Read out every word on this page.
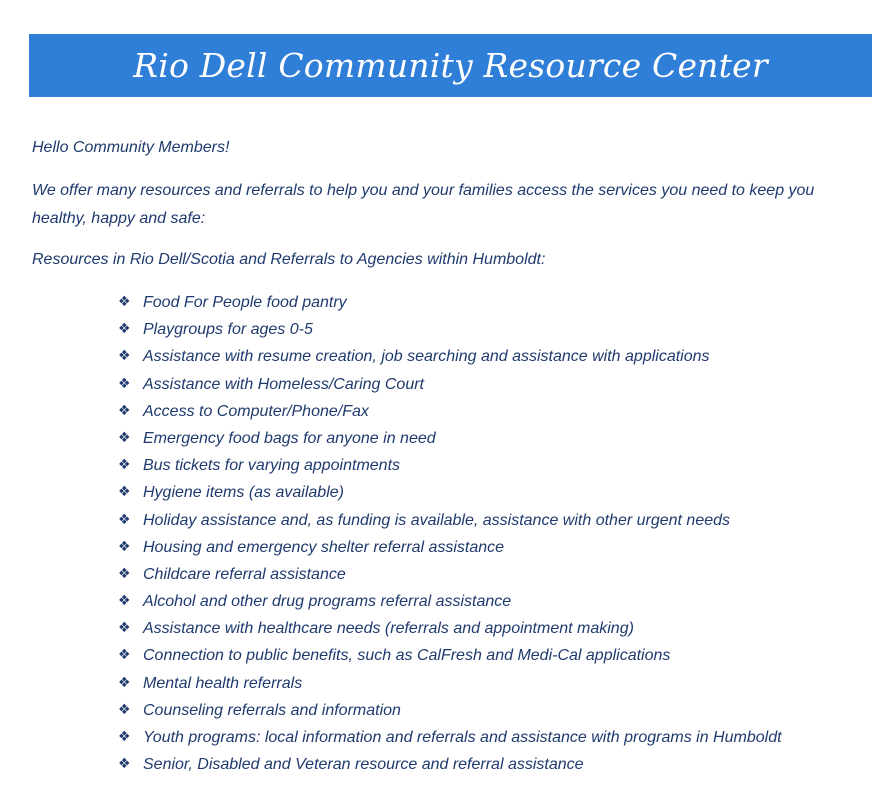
Rio Dell Community Resource Center

Hello Community Members!

We offer many resources and referrals to help you and your families access the services you need to keep you healthy, happy and safe:

Resources in Rio Dell/Scotia and Referrals to Agencies within Humboldt:

❖ Food For People food pantry
❖ Playgroups for ages 0-5
❖ Assistance with resume creation, job searching and assistance with applications
❖ Assistance with Homeless/Caring Court
❖ Access to Computer/Phone/Fax
❖ Emergency food bags for anyone in need
❖ Bus tickets for varying appointments
❖ Hygiene items (as available)
❖ Holiday assistance and, as funding is available, assistance with other urgent needs
❖ Housing and emergency shelter referral assistance
❖ Childcare referral assistance
❖ Alcohol and other drug programs referral assistance
❖ Assistance with healthcare needs (referrals and appointment making)
❖ Connection to public benefits, such as CalFresh and Medi-Cal applications
❖ Mental health referrals
❖ Counseling referrals and information
❖ Youth programs: local information and referrals and assistance with programs in Humboldt
❖ Senior, Disabled and Veteran resource and referral assistance
